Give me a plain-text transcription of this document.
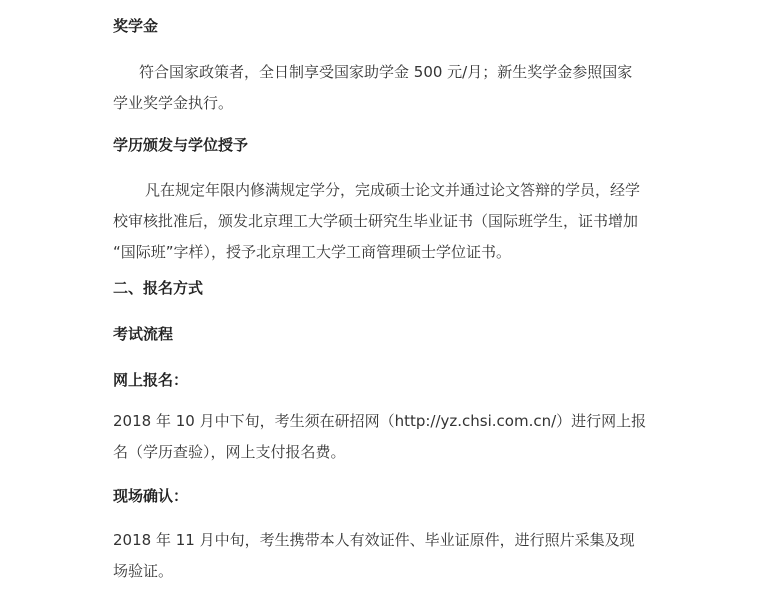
奖学金
符合国家政策者，全日制享受国家助学金 500 元/月；新生奖学金参照国家
学业奖学金执行。
学历颁发与学位授予
凡在规定年限内修满规定学分，完成硕士论文并通过论文答辩的学员，经学
校审核批准后，颁发北京理工大学硕士研究生毕业证书（国际班学生，证书增加
“国际班”字样），授予北京理工大学工商管理硕士学位证书。
二、报名方式
考试流程
网上报名：
2018 年 10 月中下旬，考生须在研招网（http://yz.chsi.com.cn/）进行网上报
名（学历查验），网上支付报名费。
现场确认：
2018 年 11 月中旬，考生携带本人有效证件、毕业证原件，进行照片采集及现
场验证。
